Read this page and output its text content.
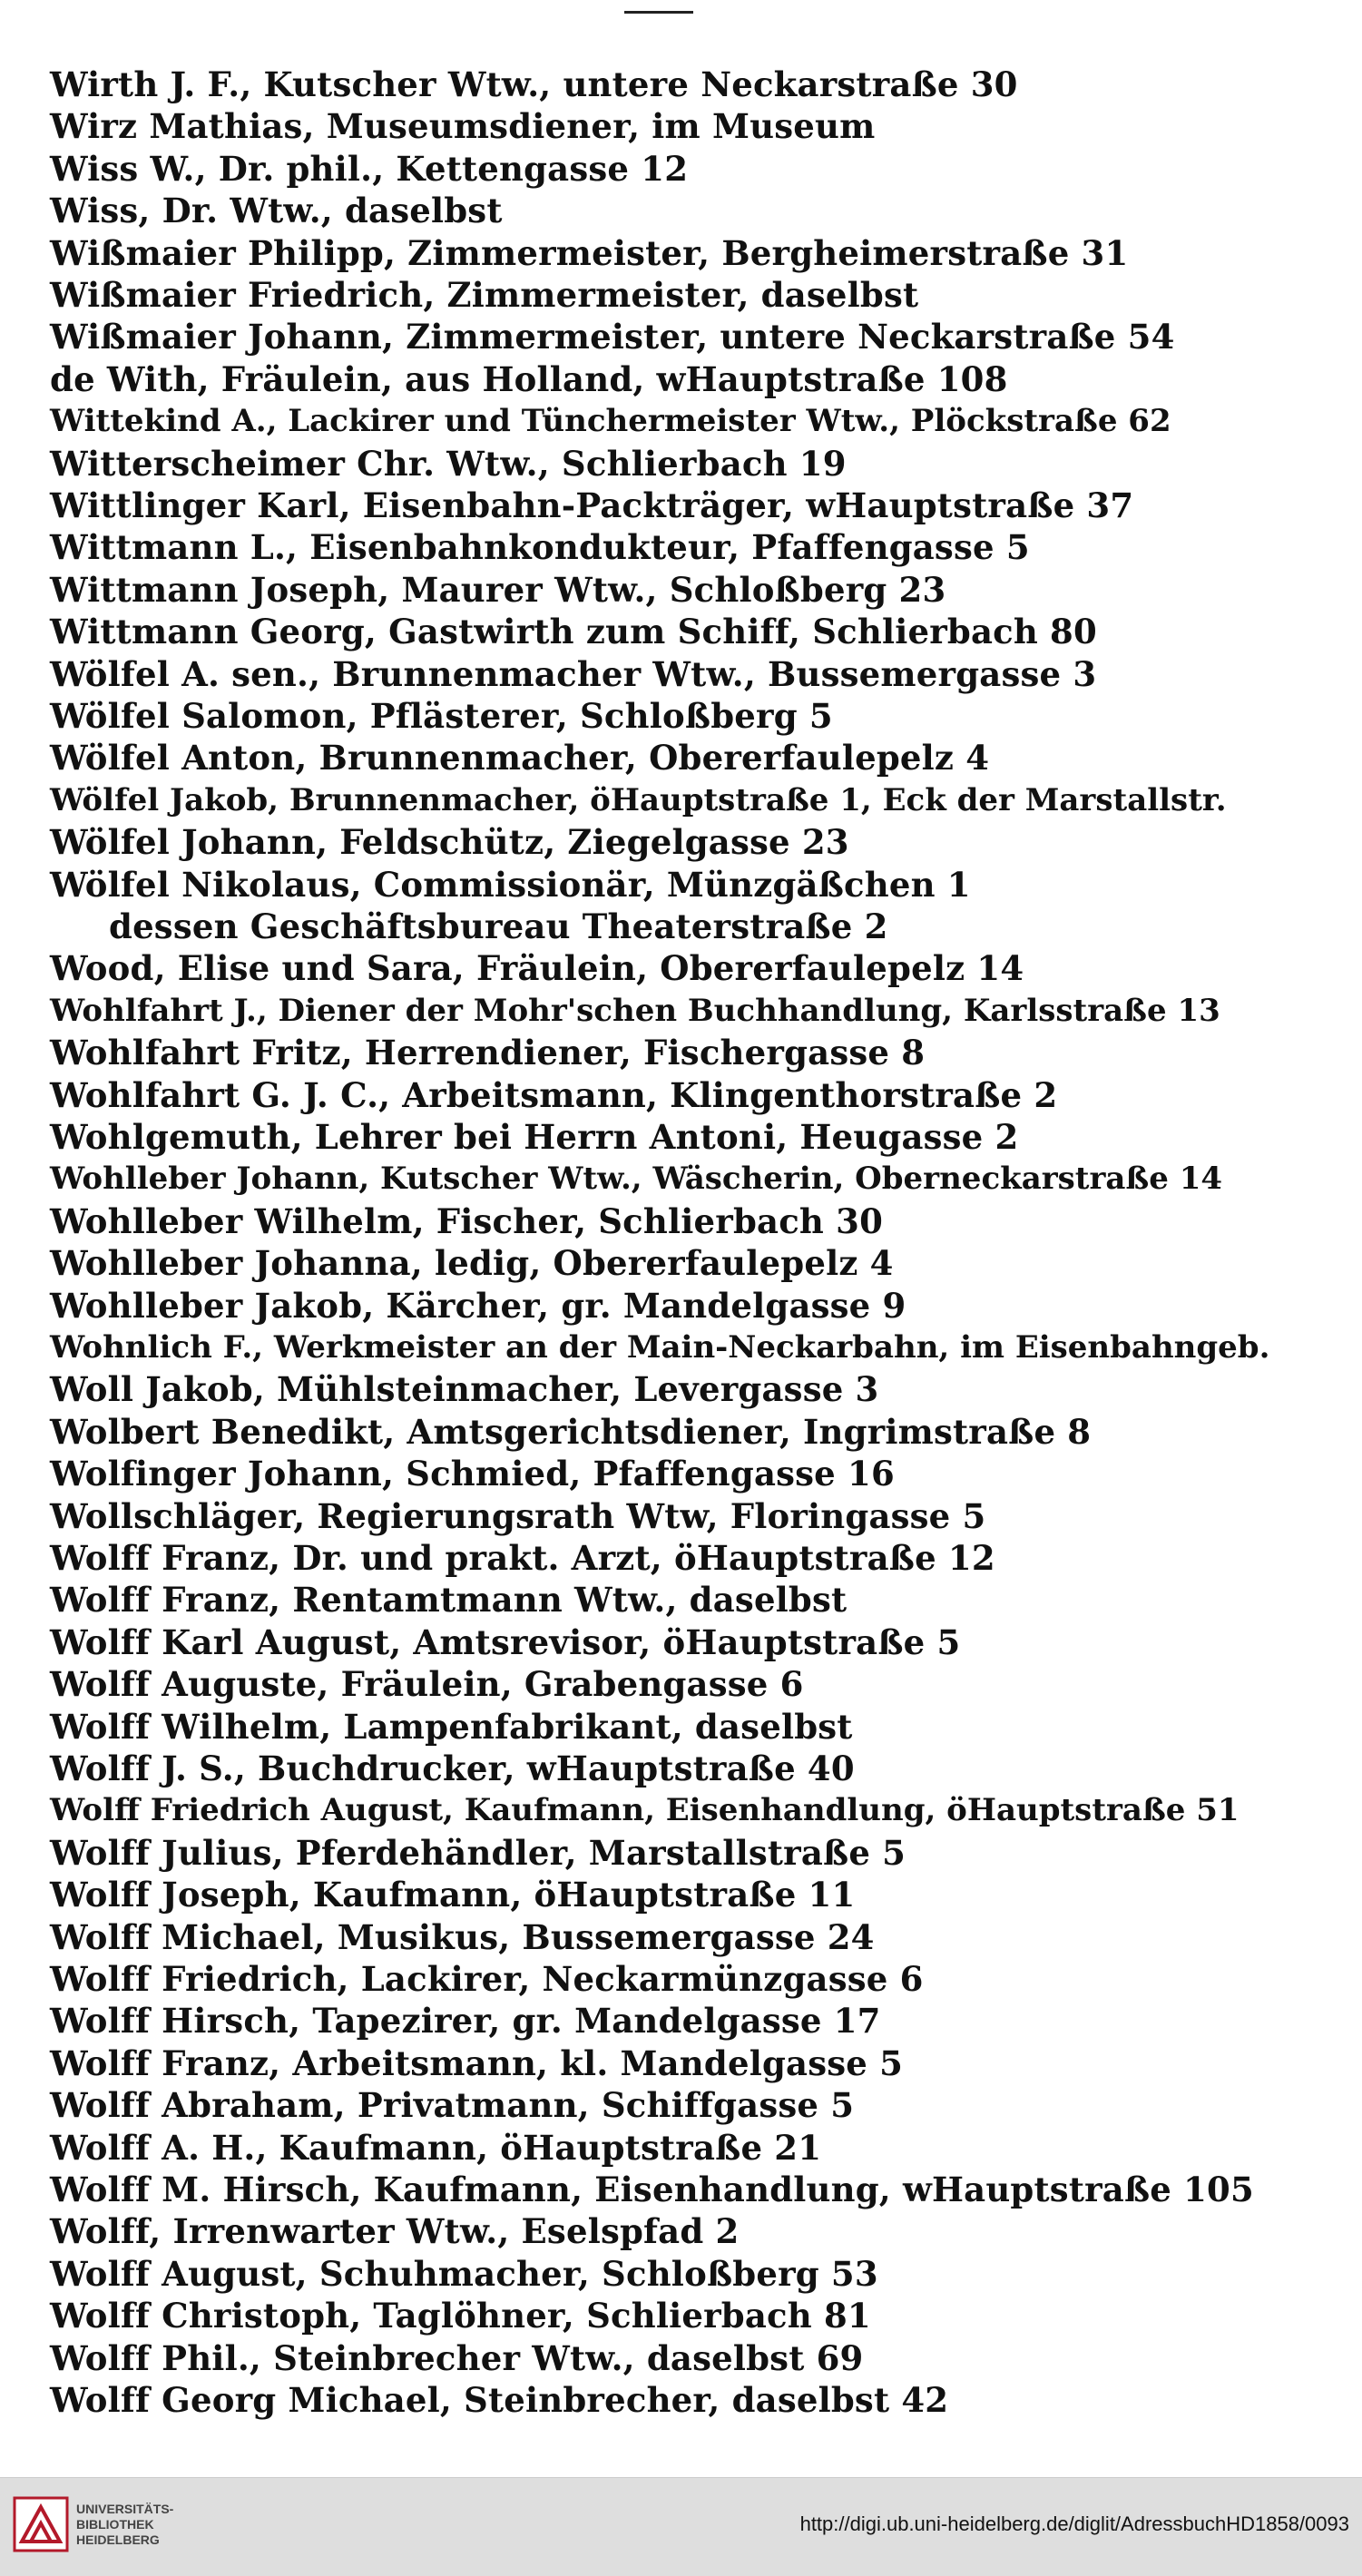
Wirth J. F., Kutscher Wtw., untere Neckarstraße 30
Wirz Mathias, Museumsdiener, im Museum
Wiss W., Dr. phil., Kettengasse 12
Wiss, Dr. Wtw., daselbst
Wißmaier Philipp, Zimmermeister, Bergheimerstraße 31
Wißmaier Friedrich, Zimmermeister, daselbst
Wißmaier Johann, Zimmermeister, untere Neckarstraße 54
de With, Fräulein, aus Holland, wHauptstraße 108
Wittekind A., Lackirer und Tünchermeister Wtw., Plöckstraße 62
Witterscheimer Chr. Wtw., Schlierbach 19
Wittlinger Karl, Eisenbahn-Packträger, wHauptstraße 37
Wittmann L., Eisenbahnkondukteur, Pfaffengasse 5
Wittmann Joseph, Maurer Wtw., Schloßberg 23
Wittmann Georg, Gastwirth zum Schiff, Schlierbach 80
Wölfel A. sen., Brunnenmacher Wtw., Bussemergasse 3
Wölfel Salomon, Pflästerer, Schloßberg 5
Wölfel Anton, Brunnenmacher, Obererfaulepelz 4
Wölfel Jakob, Brunnenmacher, öHauptstraße 1, Eck der Marstallstr.
Wölfel Johann, Feldschütz, Ziegelgasse 23
Wölfel Nikolaus, Commissionär, Münzgäßchen 1
dessen Geschäftsbureau Theaterstraße 2
Wood, Elise und Sara, Fräulein, Obererfaulepelz 14
Wohlfahrt J., Diener der Mohr'schen Buchhandlung, Karlsstraße 13
Wohlfahrt Fritz, Herrendiener, Fischergasse 8
Wohlfahrt G. J. C., Arbeitsmann, Klingenthorstraße 2
Wohlgemuth, Lehrer bei Herrn Antoni, Heugasse 2
Wohlleber Johann, Kutscher Wtw., Wäscherin, Oberneckarstraße 14
Wohlleber Wilhelm, Fischer, Schlierbach 30
Wohlleber Johanna, ledig, Obererfaulepelz 4
Wohlleber Jakob, Kärcher, gr. Mandelgasse 9
Wohnlich F., Werkmeister an der Main-Neckarbahn, im Eisenbahngeb.
Woll Jakob, Mühlsteinmacher, Levergasse 3
Wolbert Benedikt, Amtsgerichtsdiener, Ingrimstraße 8
Wolfinger Johann, Schmied, Pfaffengasse 16
Wollschläger, Regierungsrath Wtw, Floringasse 5
Wolff Franz, Dr. und prakt. Arzt, öHauptstraße 12
Wolff Franz, Rentamtmann Wtw., daselbst
Wolff Karl August, Amtsrevisor, öHauptstraße 5
Wolff Auguste, Fräulein, Grabengasse 6
Wolff Wilhelm, Lampenfabrikant, daselbst
Wolff J. S., Buchdrucker, wHauptstraße 40
Wolff Friedrich August, Kaufmann, Eisenhandlung, öHauptstraße 51
Wolff Julius, Pferdehändler, Marstallstraße 5
Wolff Joseph, Kaufmann, öHauptstraße 11
Wolff Michael, Musikus, Bussemergasse 24
Wolff Friedrich, Lackirer, Neckarmünzgasse 6
Wolff Hirsch, Tapezirer, gr. Mandelgasse 17
Wolff Franz, Arbeitsmann, kl. Mandelgasse 5
Wolff Abraham, Privatmann, Schiffgasse 5
Wolff A. H., Kaufmann, öHauptstraße 21
Wolff M. Hirsch, Kaufmann, Eisenhandlung, wHauptstraße 105
Wolff, Irrenwarter Wtw., Eselspfad 2
Wolff August, Schuhmacher, Schloßberg 53
Wolff Christoph, Taglöhner, Schlierbach 81
Wolff Phil., Steinbrecher Wtw., daselbst 69
Wolff Georg Michael, Steinbrecher, daselbst 42
UNIVERSITÄTS-
BIBLIOTHEK
HEIDELBERG
http://digi.ub.uni-heidelberg.de/diglit/AdressbuchHD1858/0093
